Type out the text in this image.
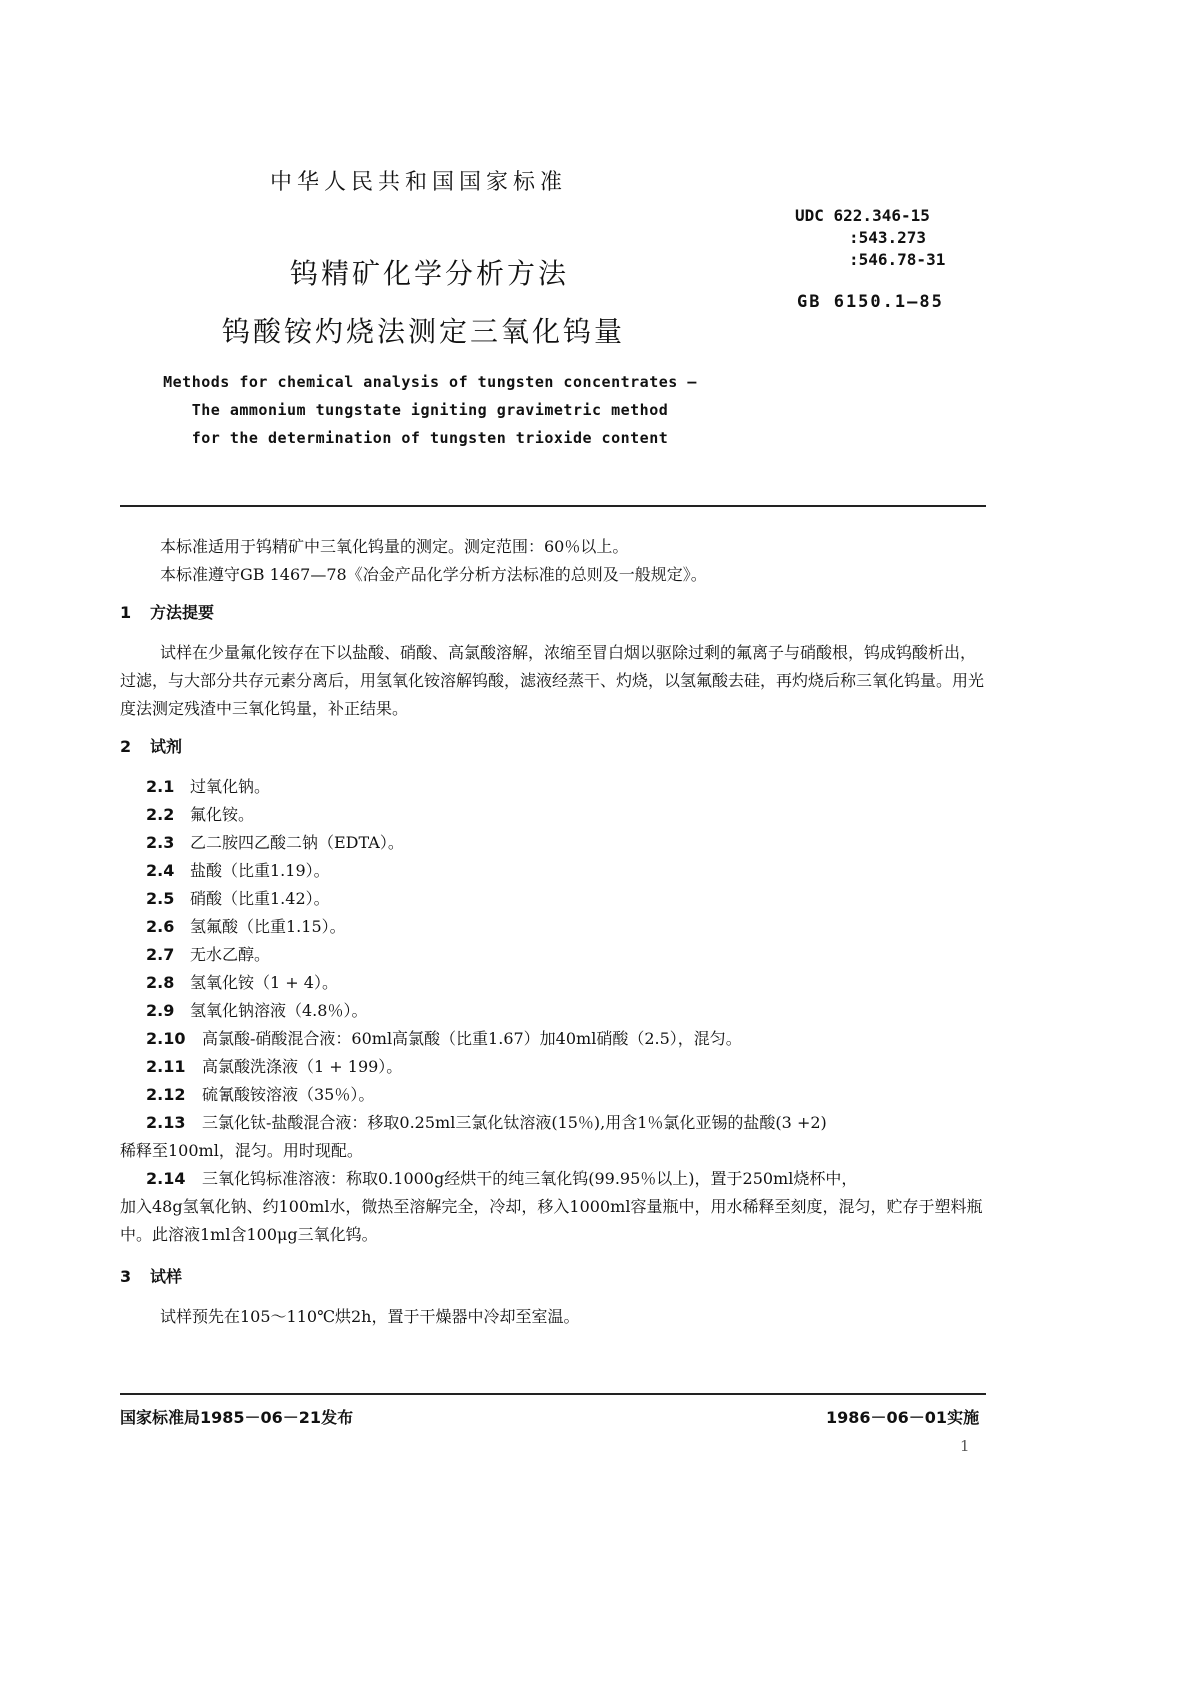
中华人民共和国国家标准
UDC 622.346-15
:543.273
:546.78-31
GB 6150.1—85
钨精矿化学分析方法
钨酸铵灼烧法测定三氧化钨量
Methods for chemical analysis of tungsten concentrates —
The ammonium tungstate igniting gravimetric method
for the determination of tungsten trioxide content
本标准适用于钨精矿中三氧化钨量的测定。测定范围：60％以上。
本标准遵守GB 1467—78《冶金产品化学分析方法标准的总则及一般规定》。
1 方法提要
试样在少量氟化铵存在下以盐酸、硝酸、高氯酸溶解，浓缩至冒白烟以驱除过剩的氟离子与硝酸根，钨成钨酸析出，过滤，与大部分共存元素分离后，用氢氧化铵溶解钨酸，滤液经蒸干、灼烧，以氢氟酸去硅，再灼烧后称三氧化钨量。用光度法测定残渣中三氧化钨量，补正结果。
2 试剂
2.1 过氧化钠。
2.2 氟化铵。
2.3 乙二胺四乙酸二钠（EDTA）。
2.4 盐酸（比重1.19）。
2.5 硝酸（比重1.42）。
2.6 氢氟酸（比重1.15）。
2.7 无水乙醇。
2.8 氢氧化铵（1 + 4）。
2.9 氢氧化钠溶液（4.8％）。
2.10 高氯酸-硝酸混合液：60ml高氯酸（比重1.67）加40ml硝酸（2.5），混匀。
2.11 高氯酸洗涤液（1 + 199）。
2.12 硫氰酸铵溶液（35％）。
2.13 三氯化钛-盐酸混合液：移取0.25ml三氯化钛溶液(15％),用含1％氯化亚锡的盐酸(3 +2)
稀释至100ml，混匀。用时现配。
2.14 三氧化钨标准溶液：称取0.1000g经烘干的纯三氧化钨(99.95％以上)，置于250ml烧杯中，
加入48g氢氧化钠、约100ml水，微热至溶解完全，冷却，移入1000ml容量瓶中，用水稀释至刻度，混匀，贮存于塑料瓶中。此溶液1ml含100μg三氧化钨。
3 试样
试样预先在105～110℃烘2h，置于干燥器中冷却至室温。
国家标准局1985－06－21发布	1986－06－01实施
1
